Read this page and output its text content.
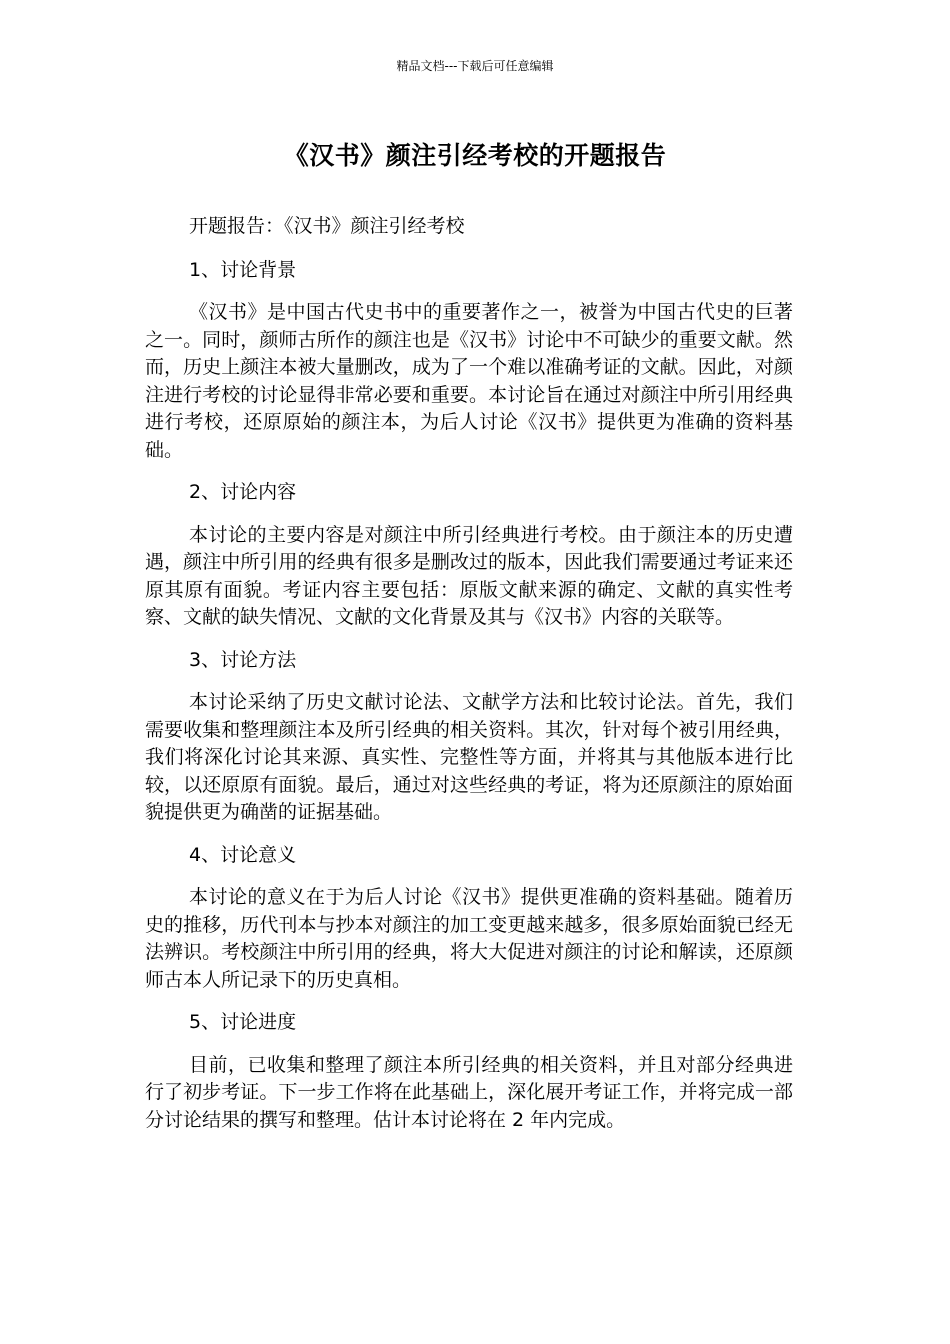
精品文档---下载后可任意编辑
《汉书》颜注引经考校的开题报告

开题报告：《汉书》颜注引经考校

1、讨论背景

《汉书》是中国古代史书中的重要著作之一，被誉为中国古代史的巨著之一。同时，颜师古所作的颜注也是《汉书》讨论中不可缺少的重要文献。然而，历史上颜注本被大量删改，成为了一个难以准确考证的文献。因此，对颜注进行考校的讨论显得非常必要和重要。本讨论旨在通过对颜注中所引用经典进行考校，还原原始的颜注本，为后人讨论《汉书》提供更为准确的资料基础。

2、讨论内容

本讨论的主要内容是对颜注中所引经典进行考校。由于颜注本的历史遭遇，颜注中所引用的经典有很多是删改过的版本，因此我们需要通过考证来还原其原有面貌。考证内容主要包括：原版文献来源的确定、文献的真实性考察、文献的缺失情况、文献的文化背景及其与《汉书》内容的关联等。

3、讨论方法

本讨论采纳了历史文献讨论法、文献学方法和比较讨论法。首先，我们需要收集和整理颜注本及所引经典的相关资料。其次，针对每个被引用经典，我们将深化讨论其来源、真实性、完整性等方面，并将其与其他版本进行比较，以还原原有面貌。最后，通过对这些经典的考证，将为还原颜注的原始面貌提供更为确凿的证据基础。

4、讨论意义

本讨论的意义在于为后人讨论《汉书》提供更准确的资料基础。随着历史的推移，历代刊本与抄本对颜注的加工变更越来越多，很多原始面貌已经无法辨识。考校颜注中所引用的经典，将大大促进对颜注的讨论和解读，还原颜师古本人所记录下的历史真相。

5、讨论进度

目前，已收集和整理了颜注本所引经典的相关资料，并且对部分经典进行了初步考证。下一步工作将在此基础上，深化展开考证工作，并将完成一部分讨论结果的撰写和整理。估计本讨论将在 2 年内完成。
